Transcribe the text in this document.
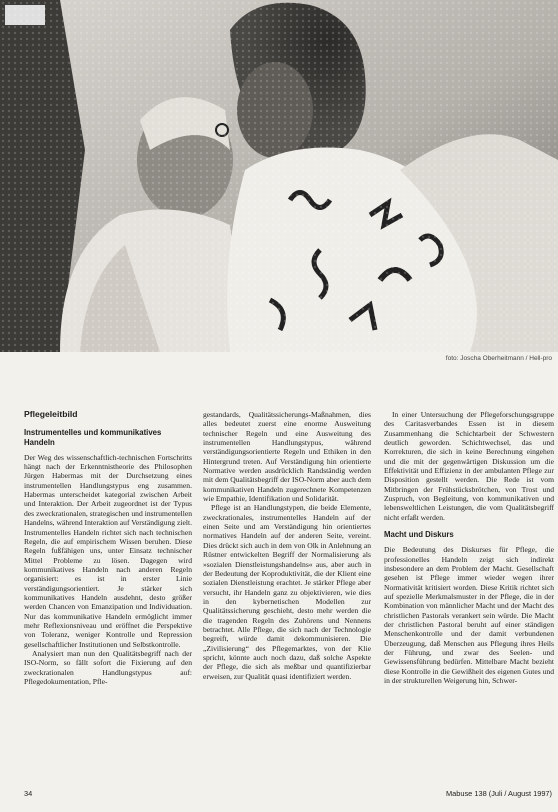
foto: Joscha Oberheitmann / Hell-pro
Pflegeleitbild
Instrumentelles und kommunikatives Handeln

Der Weg des wissenschaftlich-technischen Fortschritts hängt nach der Erkenntnistheorie des Philosophen Jürgen Habermas mit der Durchsetzung eines instrumentellen Handlungstypus eng zusammen. Habermas unterscheidet kategorial zwischen Arbeit und Interaktion. Der Arbeit zugeordnet ist der Typus des zweckrationalen, strategischen und instrumentellen Handelns, während Interaktion auf Verständigung zielt. Instrumentelles Handeln richtet sich nach technischen Regeln, die auf empirischem Wissen beruhen. Diese Regeln fußfähigen uns, unter Einsatz technischer Mittel Probleme zu lösen. Dagegen wird kommunikatives Handeln nach anderen Regeln organisiert: es ist in erster Linie verständigungsorientiert. Je stärker sich kommunikatives Handeln ausdehnt, desto größer werden Chancen von Emanzipation und Individuation. Nur das kommunikative Handeln ermöglicht immer mehr Reflexionsniveau und eröffnet die Perspektive von Toleranz, weniger Kontrolle und Repression gesellschaftlicher Institutionen und Selbstkontrolle.

Analysiert man nun den Qualitätsbegriff nach der ISO-Norm, so fällt sofort die Fixierung auf den zweckrationalen Handlungstypus auf: Pflegedokumentation, Pfle-

gestandards, Qualitätssicherungs-Maßnahmen, dies alles bedeutet zuerst eine enorme Ausweitung technischer Regeln und eine Ausweitung des instrumentellen Handlungstypus, während verständigungsorientierte Regeln und Ethiken in den Hintergrund treten. Auf Verständigung hin orientierte Normative werden ausdrücklich Randständig werden mit dem Qualitätsbegriff der ISO-Norm aber auch dem kommunikativen Handeln zugerechnete Kompetenzen wie Empathie, Identifikation und Solidarität.

Pflege ist an Handlungstypen, die beide Elemente, zweckrationales, instrumentelles Handeln auf der einen Seite und am Verständigung hin orientiertes normatives Handeln auf der anderen Seite, vereint. Dies drückt sich auch in dem von Olk in Anlehnung an Rüstner entwickelten Begriff der Normalisierung als »sozialen Dienstleistungshandelns« aus, aber auch in der Bedeutung der Koproduktivität, die der Klient eine sozialen Dienstleistung erachtet. Je stärker Pflege aber versucht, ihr Handeln ganz zu objektivieren, wie dies in den kybernetischen Modellen zur Qualitätssicherung geschieht, desto mehr werden die die tragenden Regeln des Zuhörens und Nennens betrachtet. Alle Pflege, die sich nach der Technologie begreift, würde damit dekommunisieren. Die „Zivilisierung“ des Pflegemarktes, von der Klie spricht, könnte auch noch dazu, daß solche Aspekte der Pflege, die sich als meßbar und quantifizierbar erweisen, zur Qualität quasi identifiziert werden.

In einer Untersuchung der Pflegeforschungsgruppe des Caritasverbandes Essen ist in diesem Zusammenhang die Schichtarbeit der Schwestern deutlich geworden. Schichtwechsel, das und Korrekturen, die sich in keine Berechnung eingehen und die mit der gegenwärtigen Diskussion um die Effektivität und Effizienz in der ambulanten Pflege zur Disposition gestellt werden. Die Rede ist vom Mitbringen der Frühstücksbrötchen, von Trost und Zuspruch, von Begleitung, von kommunikativen und lebensweltlichen Leistungen, die vom Qualitätsbegriff nicht erfaßt werden.

Macht und Diskurs

Die Bedeutung des Diskurses für Pflege, die professionelles Handeln zeigt sich indirekt insbesondere an dem Problem der Macht. Gesellschaft gesehen ist Pflege immer wieder wegen ihrer Normativität kritisiert worden. Diese Kritik richtet sich auf spezielle Merkmalsmuster in der Pflege, die in der Kombination von männlicher Macht und der Macht des christlichen Pastorals verankert sein würde. Die Macht der christlichen Pastoral beruht auf einer ständigen Menschenkontrolle und der damit verbundenen Überzeugung, daß Menschen aus Pflegung ihres Heils der Führung, und zwar des Seelen- und Gewissensführung bedürfen. Mittelbare Macht bezieht diese Kontrolle in die Gewißheit des eigenen Gutes und in der strukturellen Weigerung hin, Schwer-

34	Mabuse 138 (Juli / August 1997)
